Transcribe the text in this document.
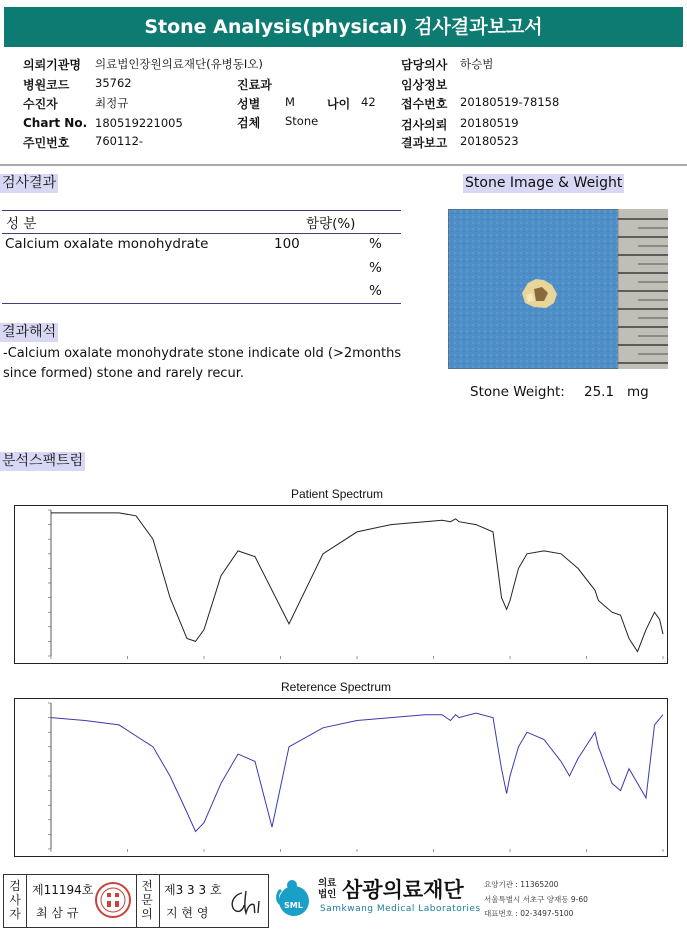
Stone Analysis(physical) 검사결과보고서
의뢰기관명 의료법인장원의료재단(유병동I오)	담당의사 하승범
병원코드 35762	진료과	임상정보
수진자	최정규	성별 M	나이 42 접수번호 20180519-78158
Chart No. 180519221005	검체 Stone	검사의뢰 20180519
주민번호 760112-	결과보고 20180523
검사결과
성 분	함량(%)
Calcium oxalate monohydrate	100	%
%
%
Stone Image & Weight
Stone Weight: 25.1 mg
결과해석
-Calcium oxalate monohydrate stone indicate old (>2months
since formed) stone and rarely recur.
분석스팩트럼
Patient Spectrum
Reterence Spectrum
검사자
제11194호
최 삼 규
전문의
제3 3 3 호
지 현 영
SML
의료법인 삼광의료재단
Samkwang Medical Laboratories
요양기관 : 11365200
서울특별시 서초구 양재동 9-60
대표번호 : 02-3497-5100
